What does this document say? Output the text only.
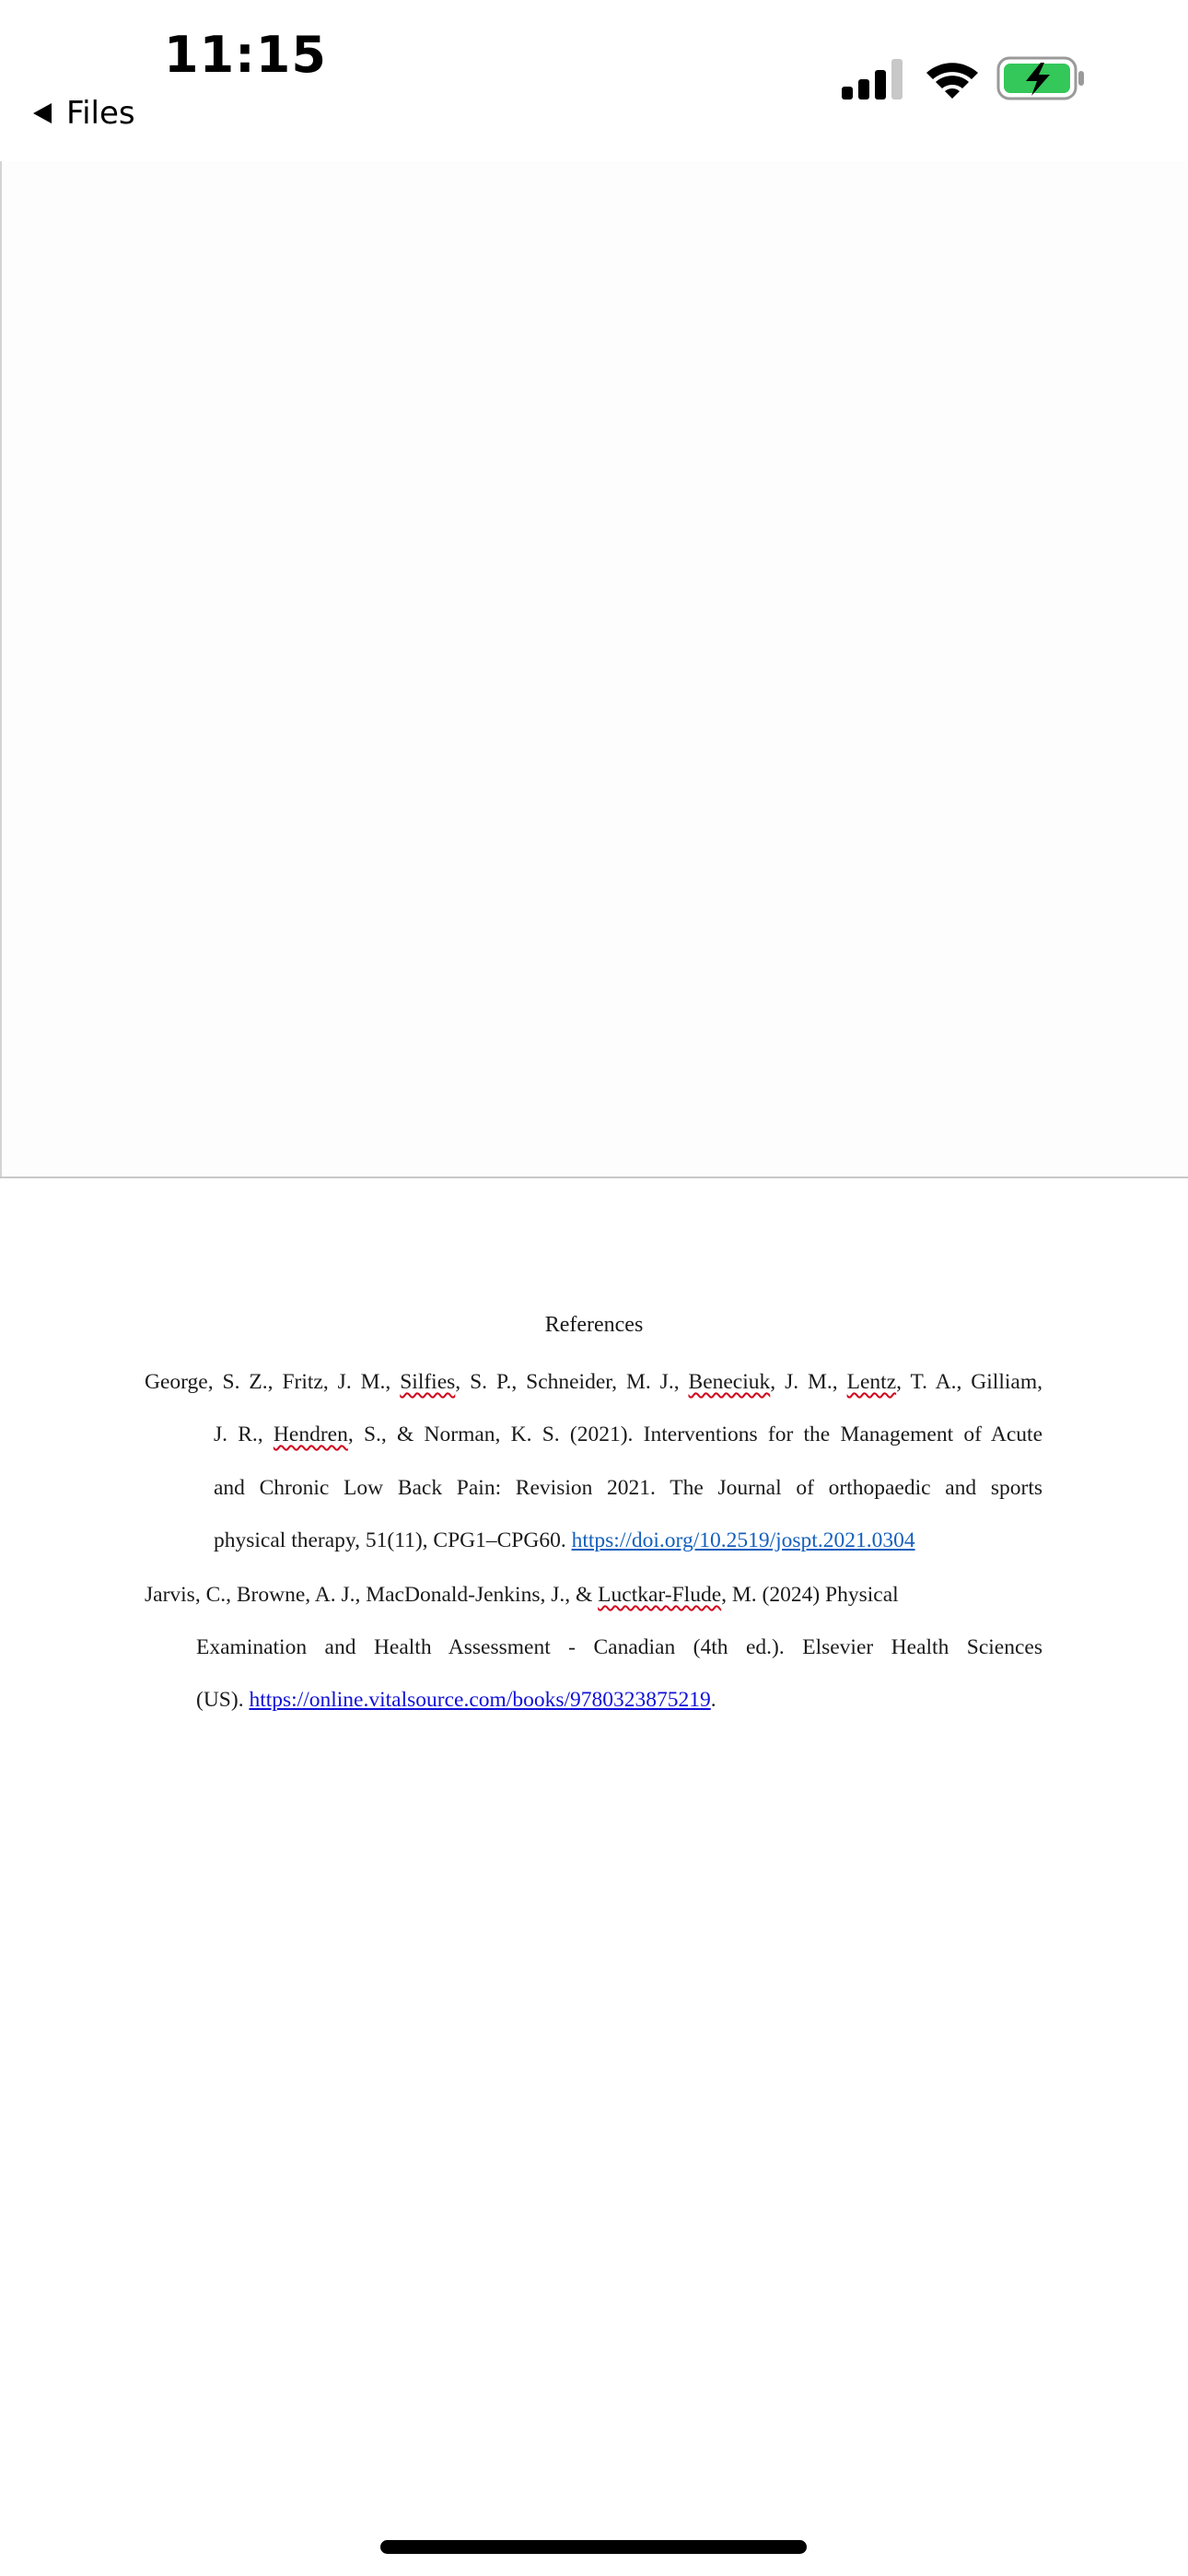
11:15
Files
References
George, S. Z., Fritz, J. M., Silfies, S. P., Schneider, M. J., Beneciuk, J. M., Lentz, T. A., Gilliam,
J. R., Hendren, S., & Norman, K. S. (2021). Interventions for the Management of Acute
and Chronic Low Back Pain: Revision 2021. The Journal of orthopaedic and sports
physical therapy, 51(11), CPG1–CPG60. https://doi.org/10.2519/jospt.2021.0304
Jarvis, C., Browne, A. J., MacDonald-Jenkins, J., & Luctkar-Flude, M. (2024) Physical
Examination and Health Assessment - Canadian (4th ed.). Elsevier Health Sciences
(US). https://online.vitalsource.com/books/9780323875219.
